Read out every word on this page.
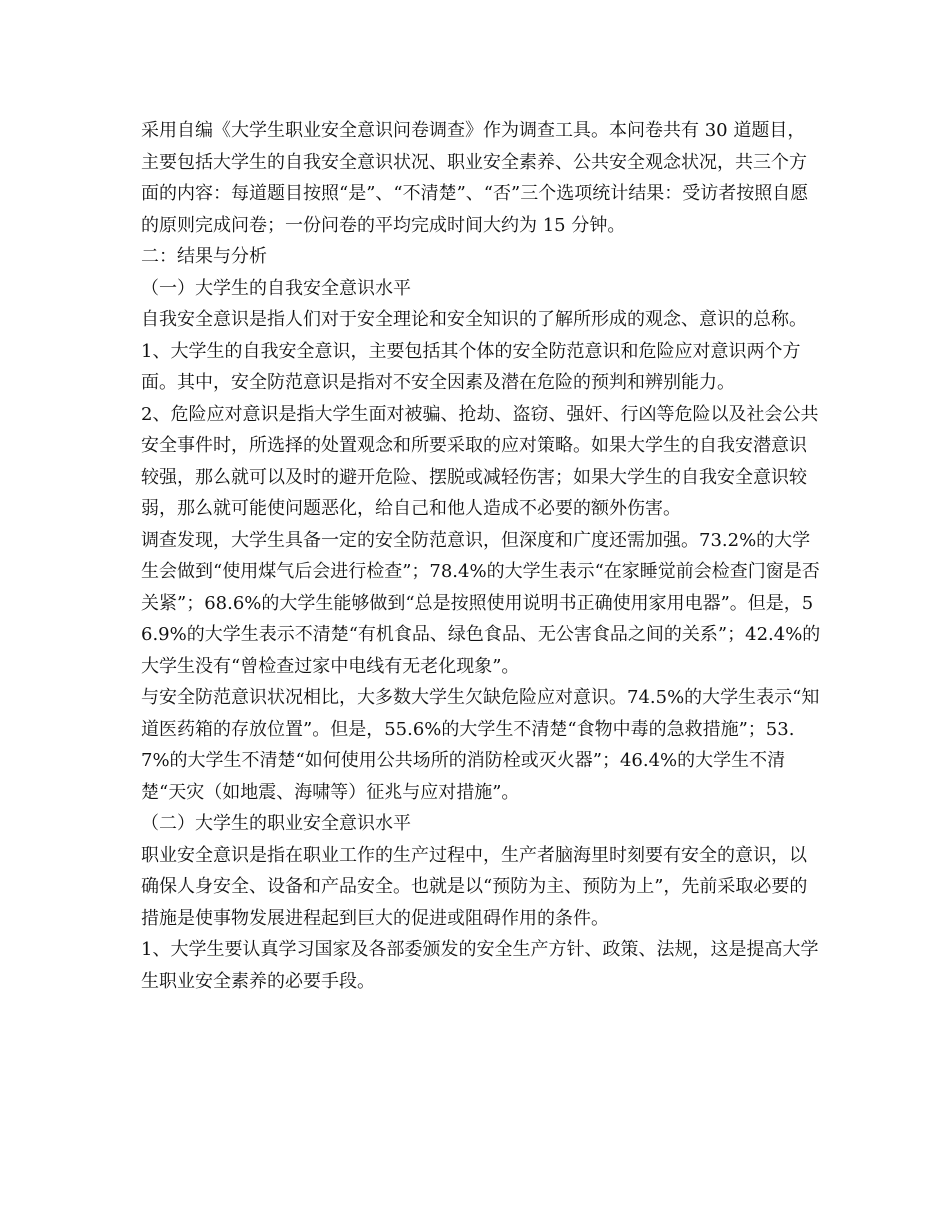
采用自编《大学生职业安全意识问卷调查》作为调查工具。本问卷共有 30 道题目，主要包括大学生的自我安全意识状况、职业安全素养、公共安全观念状况，共三个方面的内容：每道题目按照“是”、“不清楚”、“否”三个选项统计结果：受访者按照自愿的原则完成问卷；一份问卷的平均完成时间大约为 15 分钟。

二：结果与分析

（一）大学生的自我安全意识水平

自我安全意识是指人们对于安全理论和安全知识的了解所形成的观念、意识的总称。

1、大学生的自我安全意识，主要包括其个体的安全防范意识和危险应对意识两个方面。其中，安全防范意识是指对不安全因素及潜在危险的预判和辨别能力。

2、危险应对意识是指大学生面对被骗、抢劫、盗窃、强奸、行凶等危险以及社会公共安全事件时，所选择的处置观念和所要采取的应对策略。如果大学生的自我安潜意识较强，那么就可以及时的避开危险、摆脱或减轻伤害；如果大学生的自我安全意识较弱，那么就可能使问题恶化，给自己和他人造成不必要的额外伤害。

调查发现，大学生具备一定的安全防范意识，但深度和广度还需加强。73.2%的大学生会做到“使用煤气后会进行检查”；78.4%的大学生表示“在家睡觉前会检查门窗是否关紧”；68.6%的大学生能够做到“总是按照使用说明书正确使用家用电器”。但是，56.9%的大学生表示不清楚“有机食品、绿色食品、无公害食品之间的关系”；42.4%的大学生没有“曾检查过家中电线有无老化现象”。

与安全防范意识状况相比，大多数大学生欠缺危险应对意识。74.5%的大学生表示“知道医药箱的存放位置”。但是，55.6%的大学生不清楚“食物中毒的急救措施”；53.7%的大学生不清楚“如何使用公共场所的消防栓或灭火器”；46.4%的大学生不清楚“天灾（如地震、海啸等）征兆与应对措施”。

（二）大学生的职业安全意识水平

职业安全意识是指在职业工作的生产过程中，生产者脑海里时刻要有安全的意识，以确保人身安全、设备和产品安全。也就是以“预防为主、预防为上”，先前采取必要的措施是使事物发展进程起到巨大的促进或阻碍作用的条件。

1、大学生要认真学习国家及各部委颁发的安全生产方针、政策、法规，这是提高大学生职业安全素养的必要手段。
